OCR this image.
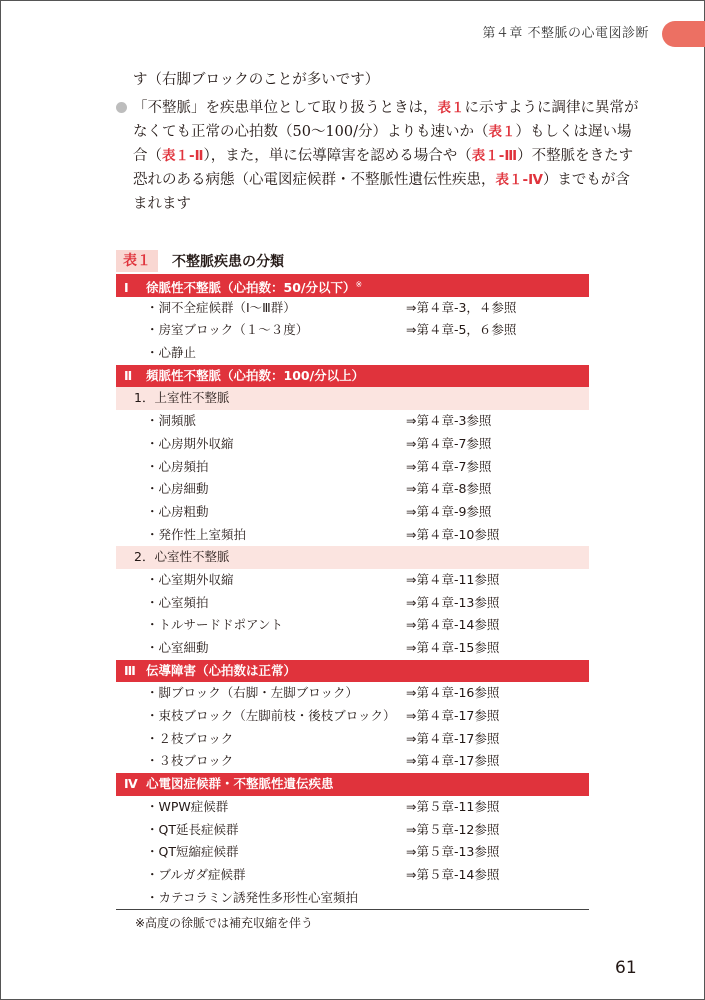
第４章 不整脈の心電図診断
す（右脚ブロックのことが多いです）
「不整脈」を疾患単位として取り扱うときは，表１に示すように調律に異常がなくても正常の心拍数（50～100/分）よりも速いか（表１）もしくは遅い場合（表１-Ⅱ），また，単に伝導障害を認める場合や（表１-Ⅲ）不整脈をきたす恐れのある病態（心電図症候群・不整脈性遺伝性疾患，表１-Ⅳ）までもが含まれます
表１	不整脈疾患の分類
Ⅰ 徐脈性不整脈（心拍数：50/分以下）※
・洞不全症候群（Ⅰ～Ⅲ群）	⇒第４章-3，４参照
・房室ブロック（１～３度）	⇒第４章-5，６参照
・心静止
Ⅱ 頻脈性不整脈（心拍数：100/分以上）
1．上室性不整脈
・洞頻脈	⇒第４章-3参照
・心房期外収縮	⇒第４章-7参照
・心房頻拍	⇒第４章-7参照
・心房細動	⇒第４章-8参照
・心房粗動	⇒第４章-9参照
・発作性上室頻拍	⇒第４章-10参照
2．心室性不整脈
・心室期外収縮	⇒第４章-11参照
・心室頻拍	⇒第４章-13参照
・トルサードドポアント	⇒第４章-14参照
・心室細動	⇒第４章-15参照
Ⅲ 伝導障害（心拍数は正常）
・脚ブロック（右脚・左脚ブロック）	⇒第４章-16参照
・束枝ブロック（左脚前枝・後枝ブロック） ⇒第４章-17参照
・２枝ブロック	⇒第４章-17参照
・３枝ブロック	⇒第４章-17参照
Ⅳ 心電図症候群・不整脈性遺伝疾患
・WPW症候群	⇒第５章-11参照
・QT延長症候群	⇒第５章-12参照
・QT短縮症候群	⇒第５章-13参照
・ブルガダ症候群	⇒第５章-14参照
・カテコラミン誘発性多形性心室頻拍
※高度の徐脈では補充収縮を伴う
61
